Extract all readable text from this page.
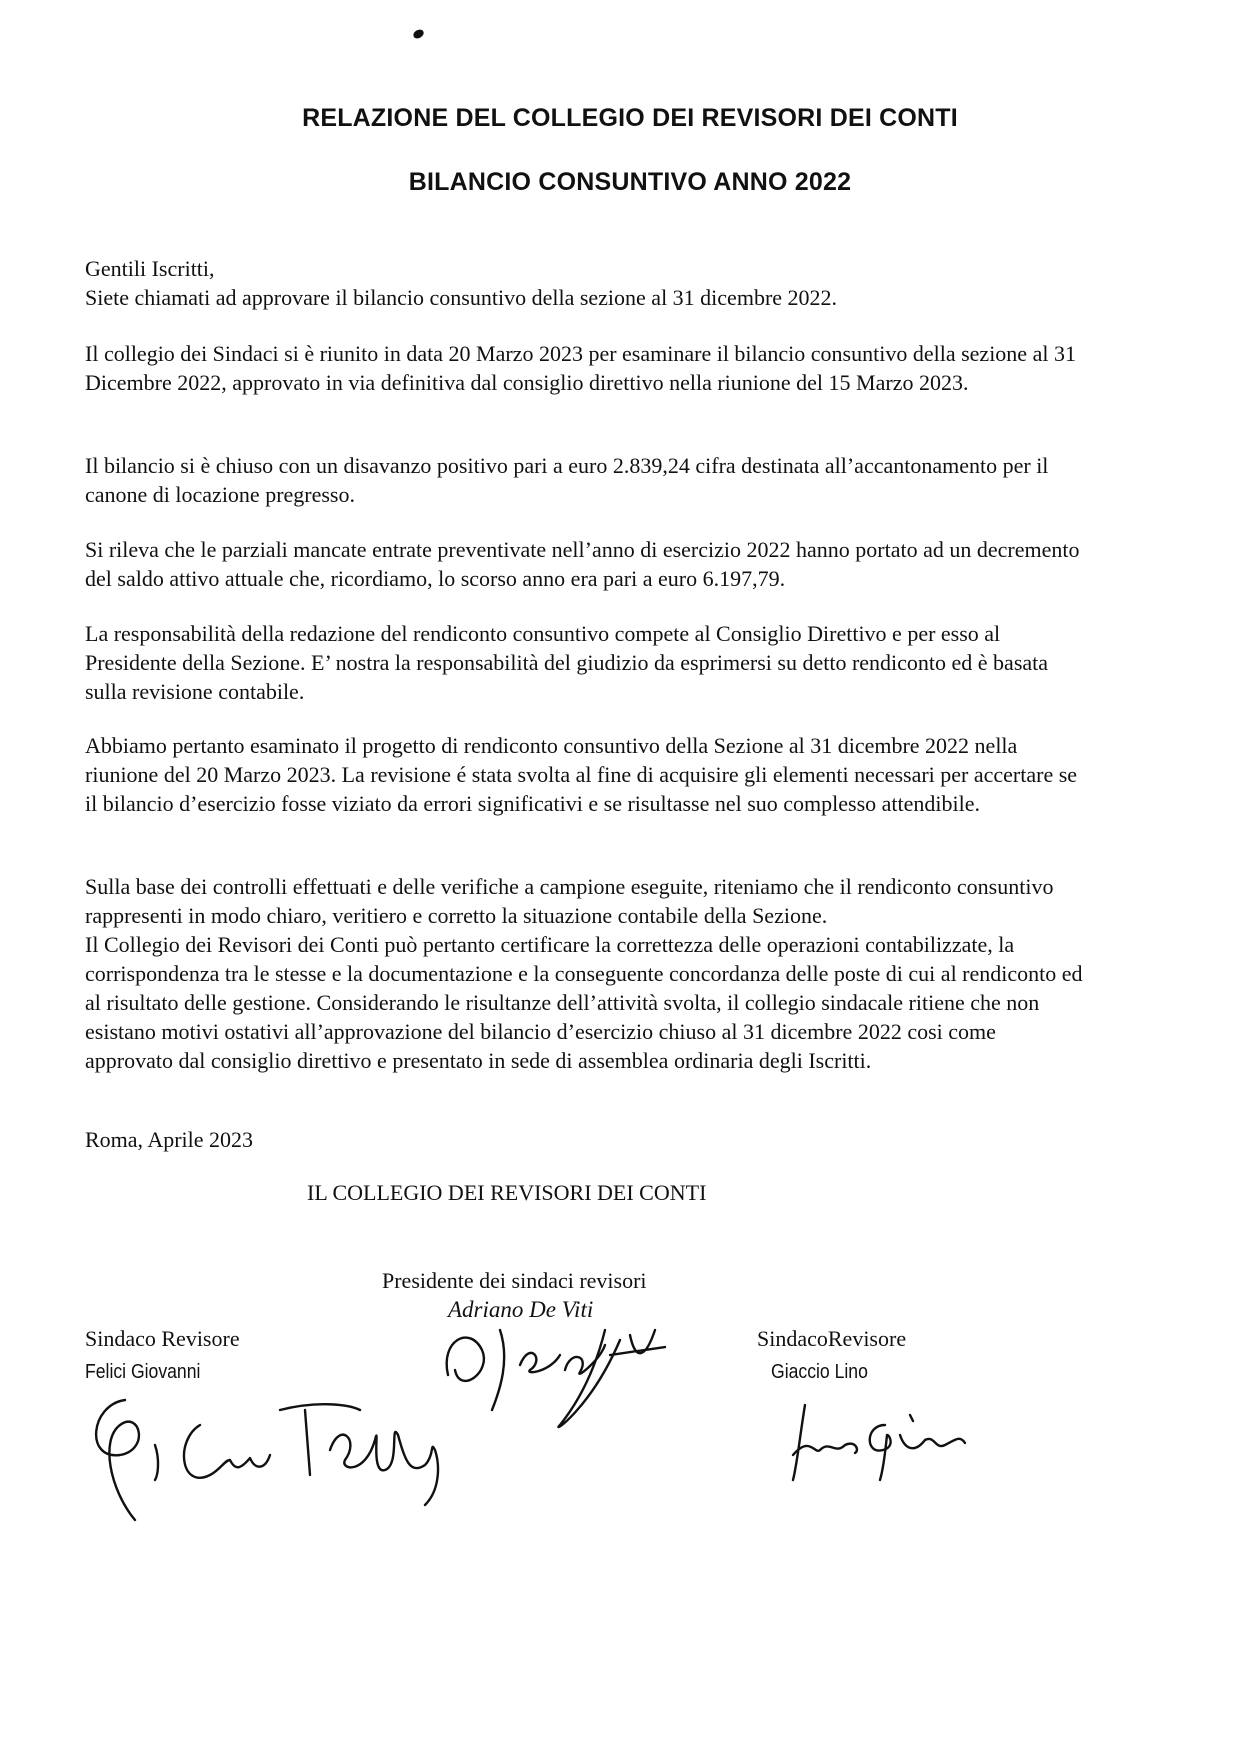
RELAZIONE DEL COLLEGIO DEI REVISORI DEI CONTI
BILANCIO CONSUNTIVO ANNO 2022

Gentili Iscritti,

Siete chiamati ad approvare il bilancio consuntivo della sezione al 31 dicembre 2022.

Il collegio dei Sindaci si è riunito in data 20 Marzo 2023 per esaminare il bilancio consuntivo della sezione al 31 Dicembre 2022, approvato in via definitiva dal consiglio direttivo nella riunione del 15 Marzo 2023.
Il bilancio si è chiuso con un disavanzo positivo pari a euro 2.839,24 cifra destinata all’accantonamento per il canone di locazione pregresso.
Si rileva che le parziali mancate entrate preventivate nell’anno di esercizio 2022 hanno portato ad un decremento del saldo attivo attuale che, ricordiamo, lo scorso anno era pari a euro 6.197,79.
La responsabilità della redazione del rendiconto consuntivo compete al Consiglio Direttivo e per esso al Presidente della Sezione. E’ nostra la responsabilità del giudizio da esprimersi su detto rendiconto ed è basata sulla revisione contabile.
Abbiamo pertanto esaminato il progetto di rendiconto consuntivo della Sezione al 31 dicembre 2022 nella riunione del 20 Marzo 2023. La revisione é stata svolta al fine di acquisire gli elementi necessari per accertare se il bilancio d’esercizio fosse viziato da errori significativi e se risultasse nel suo complesso attendibile.

Sulla base dei controlli effettuati e delle verifiche a campione eseguite, riteniamo che il rendiconto consuntivo rappresenti in modo chiaro, veritiero e corretto la situazione contabile della Sezione.

Il Collegio dei Revisori dei Conti può pertanto certificare la correttezza delle operazioni contabilizzate, la corrispondenza tra le stesse e la documentazione e la conseguente concordanza delle poste di cui al rendiconto ed al risultato delle gestione. Considerando le risultanze dell’attività svolta, il collegio sindacale ritiene che non esistano motivi ostativi all’approvazione del bilancio d’esercizio chiuso al 31 dicembre 2022 cosi come approvato dal consiglio direttivo e presentato in sede di assemblea ordinaria degli Iscritti.

Roma, Aprile 2023
IL COLLEGIO DEI REVISORI DEI CONTI
Presidente dei sindaci revisori
Adriano De Viti
Sindaco Revisore
Felici Giovanni
SindacoRevisore
Giaccio Lino
